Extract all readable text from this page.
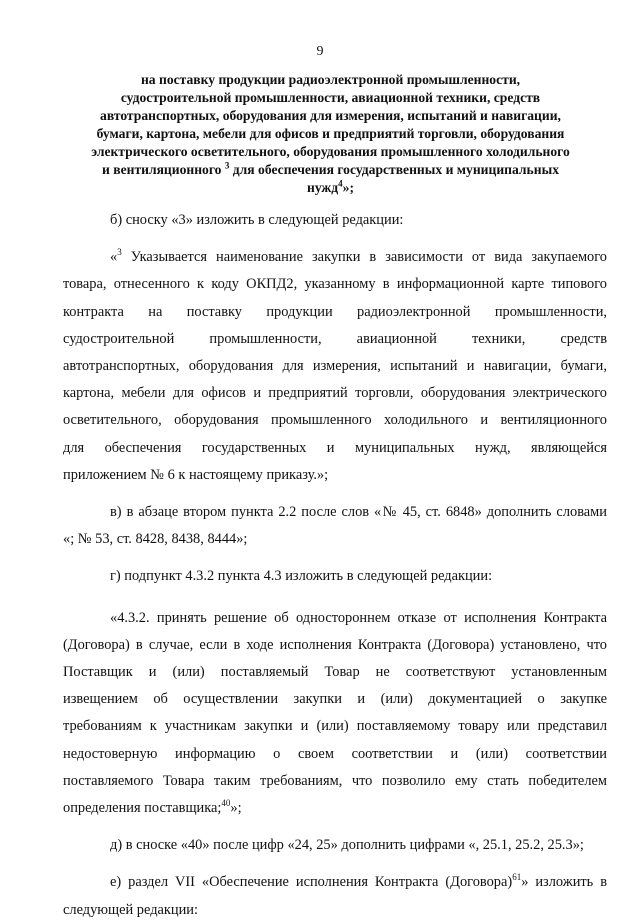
9
на поставку продукции радиоэлектронной промышленности,
судостроительной промышленности, авиационной техники, средств
автотранспортных, оборудования для измерения, испытаний и навигации,
бумаги, картона, мебели для офисов и предприятий торговли, оборудования
электрического осветительного, оборудования промышленного холодильного
и вентиляционного $^3$ для обеспечения государственных и муниципальных
нужд$^4$»;

б) сноску «3» изложить в следующей редакции:

«$^3$ Указывается наименование закупки в зависимости от вида закупаемого

товара, отнесенного к коду ОКПД2, указанному в информационной карте типового

контракта на поставку продукции радиоэлектронной промышленности,

судостроительной промышленности, авиационной техники, средств

автотранспортных, оборудования для измерения, испытаний и навигации, бумаги,

картона, мебели для офисов и предприятий торговли, оборудования электрического

осветительного, оборудования промышленного холодильного и вентиляционного

для обеспечения государственных и муниципальных нужд, являющейся

приложением № 6 к настоящему приказу.»;

в) в абзаце втором пункта 2.2 после слов «№ 45, ст. 6848» дополнить словами

«; № 53, ст. 8428, 8438, 8444»;

г) подпункт 4.3.2 пункта 4.3 изложить в следующей редакции:

«4.3.2. принять решение об одностороннем отказе от исполнения Контракта

(Договора) в случае, если в ходе исполнения Контракта (Договора) установлено, что

Поставщик и (или) поставляемый Товар не соответствуют установленным

извещением об осуществлении закупки и (или) документацией о закупке

требованиям к участникам закупки и (или) поставляемому товару или представил

недостоверную информацию о своем соответствии и (или) соответствии

поставляемого Товара таким требованиям, что позволило ему стать победителем

определения поставщика;$^{40}$»;

д) в сноске «40» после цифр «24, 25» дополнить цифрами «, 25.1, 25.2, 25.3»;

е) раздел VII «Обеспечение исполнения Контракта (Договора)$^{61}$» изложить в

следующей редакции:
